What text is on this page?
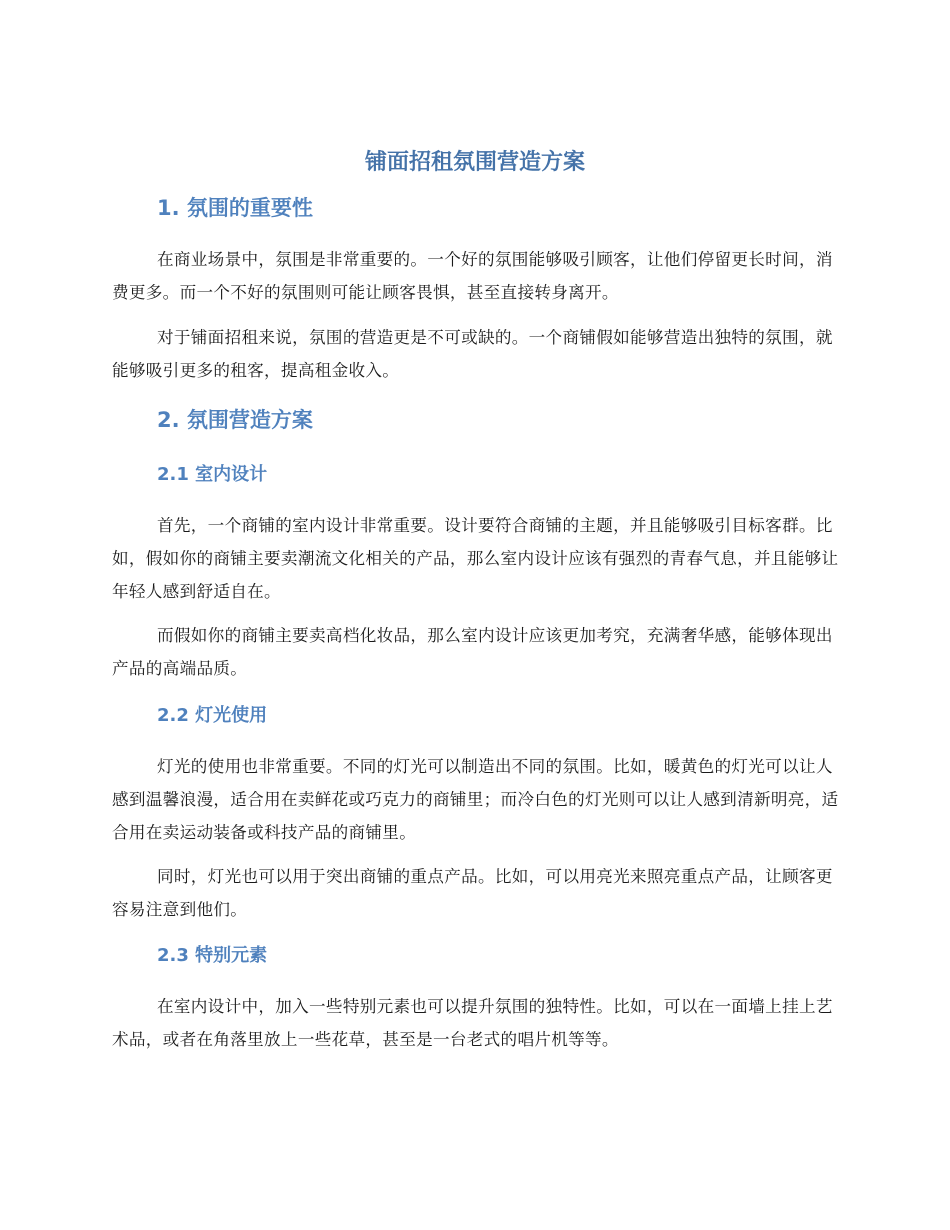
铺面招租氛围营造方案
1. 氛围的重要性

在商业场景中，氛围是非常重要的。一个好的氛围能够吸引顾客，让他们停留更长时间，消费更多。而一个不好的氛围则可能让顾客畏惧，甚至直接转身离开。

对于铺面招租来说，氛围的营造更是不可或缺的。一个商铺假如能够营造出独特的氛围，就能够吸引更多的租客，提高租金收入。

2. 氛围营造方案
2.1 室内设计

首先，一个商铺的室内设计非常重要。设计要符合商铺的主题，并且能够吸引目标客群。比如，假如你的商铺主要卖潮流文化相关的产品，那么室内设计应该有强烈的青春气息，并且能够让年轻人感到舒适自在。

而假如你的商铺主要卖高档化妆品，那么室内设计应该更加考究，充满奢华感，能够体现出产品的高端品质。

2.2 灯光使用

灯光的使用也非常重要。不同的灯光可以制造出不同的氛围。比如，暖黄色的灯光可以让人感到温馨浪漫，适合用在卖鲜花或巧克力的商铺里；而冷白色的灯光则可以让人感到清新明亮，适合用在卖运动装备或科技产品的商铺里。

同时，灯光也可以用于突出商铺的重点产品。比如，可以用亮光来照亮重点产品，让顾客更容易注意到他们。

2.3 特别元素

在室内设计中，加入一些特别元素也可以提升氛围的独特性。比如，可以在一面墙上挂上艺术品，或者在角落里放上一些花草，甚至是一台老式的唱片机等等。
